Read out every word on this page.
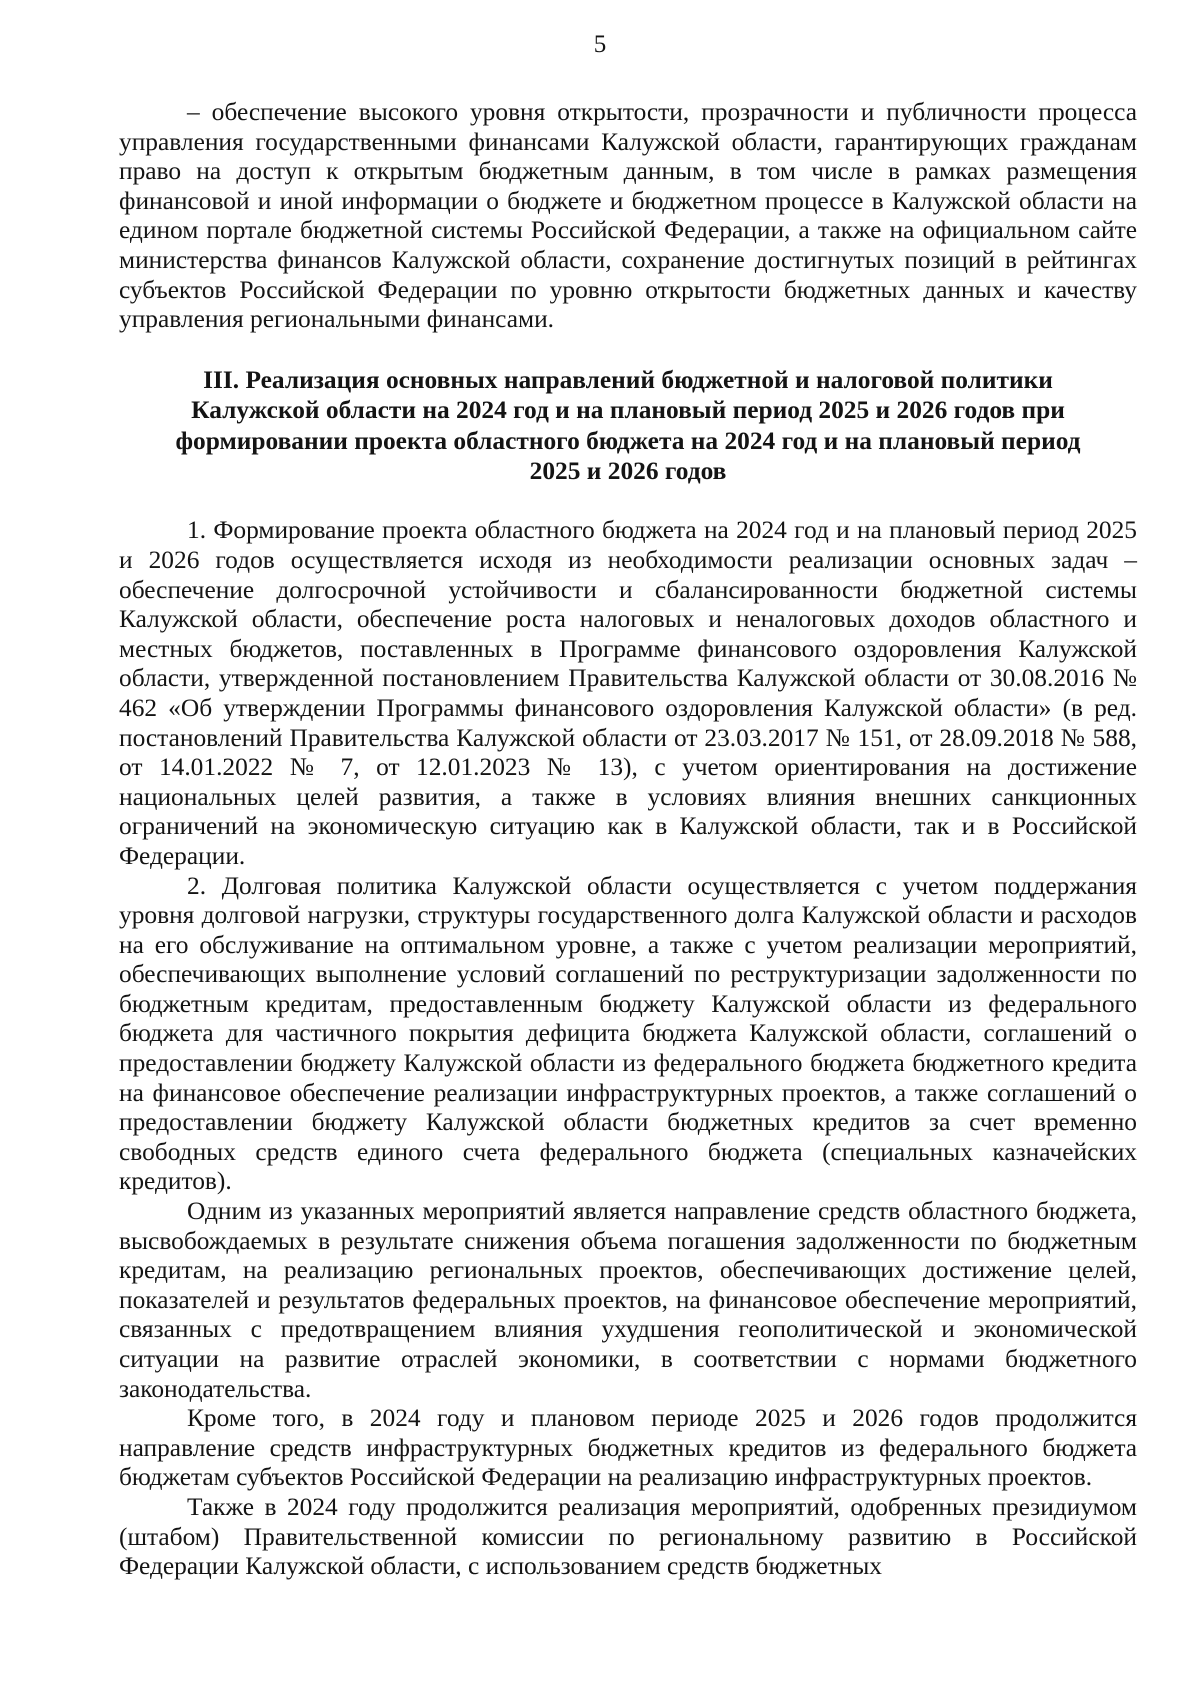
5

– обеспечение высокого уровня открытости, прозрачности и публичности процесса управления государственными финансами Калужской области, гарантирующих гражданам право на доступ к открытым бюджетным данным, в том числе в рамках размещения финансовой и иной информации о бюджете и бюджетном процессе в Калужской области на едином портале бюджетной системы Российской Федерации, а также на официальном сайте министерства финансов Калужской области, сохранение достигнутых позиций в рейтингах субъектов Российской Федерации по уровню открытости бюджетных данных и качеству управления региональными финансами.

III. Реализация основных направлений бюджетной и налоговой политики
Калужской области на 2024 год и на плановый период 2025 и 2026 годов при
формировании проекта областного бюджета на 2024 год и на плановый период
2025 и 2026 годов

1. Формирование проекта областного бюджета на 2024 год и на плановый период 2025 и 2026 годов осуществляется исходя из необходимости реализации основных задач – обеспечение долгосрочной устойчивости и сбалансированности бюджетной системы Калужской области, обеспечение роста налоговых и неналоговых доходов областного и местных бюджетов, поставленных в Программе финансового оздоровления Калужской области, утвержденной постановлением Правительства Калужской области от 30.08.2016 № 462 «Об утверждении Программы финансового оздоровления Калужской области» (в ред. постановлений Правительства Калужской области от 23.03.2017 № 151, от 28.09.2018 № 588, от 14.01.2022 № 7, от 12.01.2023 № 13), с учетом ориентирования на достижение национальных целей развития, а также в условиях влияния внешних санкционных ограничений на экономическую ситуацию как в Калужской области, так и в Российской Федерации.

2. Долговая политика Калужской области осуществляется с учетом поддержания уровня долговой нагрузки, структуры государственного долга Калужской области и расходов на его обслуживание на оптимальном уровне, а также с учетом реализации мероприятий, обеспечивающих выполнение условий соглашений по реструктуризации задолженности по бюджетным кредитам, предоставленным бюджету Калужской области из федерального бюджета для частичного покрытия дефицита бюджета Калужской области, соглашений о предоставлении бюджету Калужской области из федерального бюджета бюджетного кредита на финансовое обеспечение реализации инфраструктурных проектов, а также соглашений о предоставлении бюджету Калужской области бюджетных кредитов за счет временно свободных средств единого счета федерального бюджета (специальных казначейских кредитов).

Одним из указанных мероприятий является направление средств областного бюджета, высвобождаемых в результате снижения объема погашения задолженности по бюджетным кредитам, на реализацию региональных проектов, обеспечивающих достижение целей, показателей и результатов федеральных проектов, на финансовое обеспечение мероприятий, связанных с предотвращением влияния ухудшения геополитической и экономической ситуации на развитие отраслей экономики, в соответствии с нормами бюджетного законодательства.

Кроме того, в 2024 году и плановом периоде 2025 и 2026 годов продолжится направление средств инфраструктурных бюджетных кредитов из федерального бюджета бюджетам субъектов Российской Федерации на реализацию инфраструктурных проектов.

Также в 2024 году продолжится реализация мероприятий, одобренных президиумом (штабом) Правительственной комиссии по региональному развитию в Российской Федерации Калужской области, с использованием средств бюджетных
